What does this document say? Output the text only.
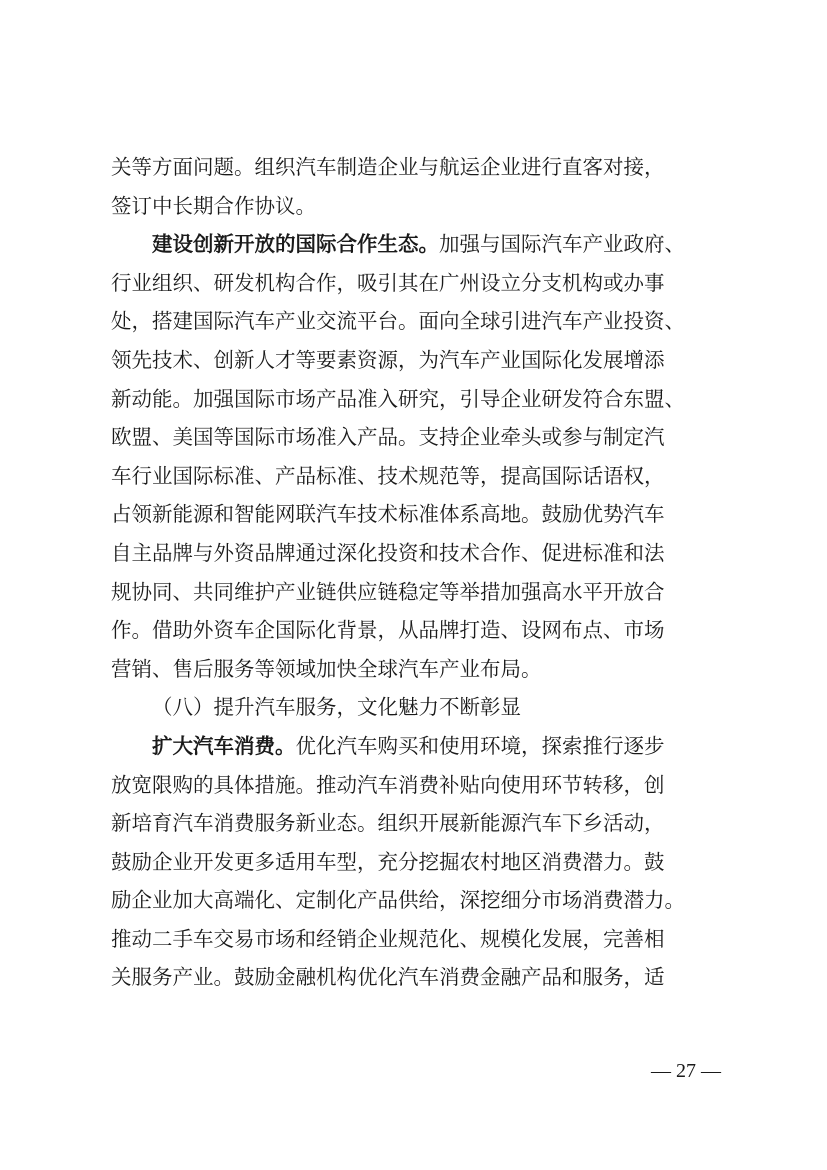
关等方面问题。组织汽车制造企业与航运企业进行直客对接，
签订中长期合作协议。
建设创新开放的国际合作生态。加强与国际汽车产业政府、
行业组织、研发机构合作，吸引其在广州设立分支机构或办事
处，搭建国际汽车产业交流平台。面向全球引进汽车产业投资、
领先技术、创新人才等要素资源，为汽车产业国际化发展增添
新动能。加强国际市场产品准入研究，引导企业研发符合东盟、
欧盟、美国等国际市场准入产品。支持企业牵头或参与制定汽
车行业国际标准、产品标准、技术规范等，提高国际话语权，
占领新能源和智能网联汽车技术标准体系高地。鼓励优势汽车
自主品牌与外资品牌通过深化投资和技术合作、促进标准和法
规协同、共同维护产业链供应链稳定等举措加强高水平开放合
作。借助外资车企国际化背景，从品牌打造、设网布点、市场
营销、售后服务等领域加快全球汽车产业布局。
（八）提升汽车服务，文化魅力不断彰显
扩大汽车消费。优化汽车购买和使用环境，探索推行逐步
放宽限购的具体措施。推动汽车消费补贴向使用环节转移，创
新培育汽车消费服务新业态。组织开展新能源汽车下乡活动，
鼓励企业开发更多适用车型，充分挖掘农村地区消费潜力。鼓
励企业加大高端化、定制化产品供给，深挖细分市场消费潜力。
推动二手车交易市场和经销企业规范化、规模化发展，完善相
关服务产业。鼓励金融机构优化汽车消费金融产品和服务，适
— 27 —
